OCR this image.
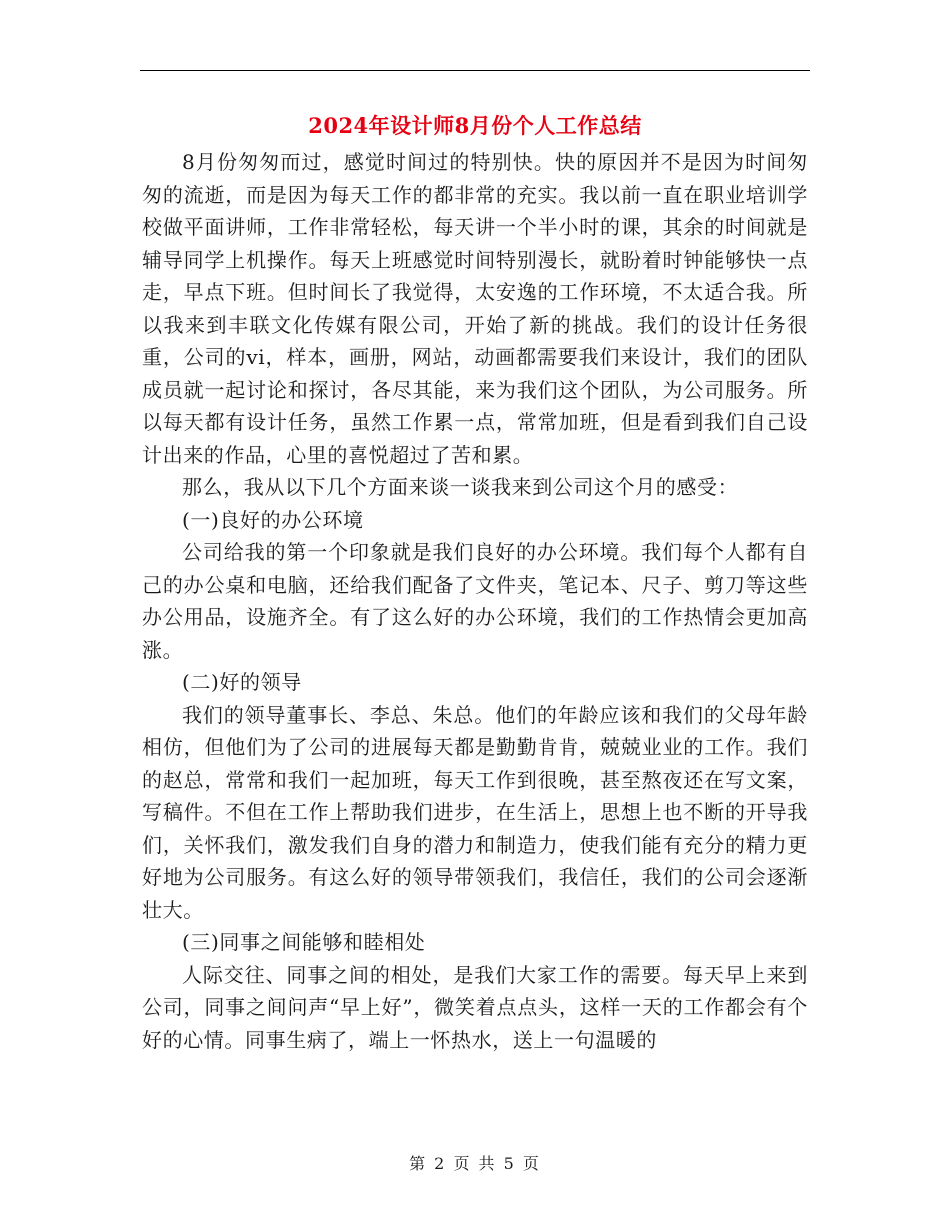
2024年设计师8月份个人工作总结

8月份匆匆而过，感觉时间过的特别快。快的原因并不是因为时间匆匆的流逝，而是因为每天工作的都非常的充实。我以前一直在职业培训学校做平面讲师，工作非常轻松，每天讲一个半小时的课，其余的时间就是辅导同学上机操作。每天上班感觉时间特别漫长，就盼着时钟能够快一点走，早点下班。但时间长了我觉得，太安逸的工作环境，不太适合我。所以我来到丰联文化传媒有限公司，开始了新的挑战。我们的设计任务很重，公司的vi，样本，画册，网站，动画都需要我们来设计，我们的团队成员就一起讨论和探讨，各尽其能，来为我们这个团队，为公司服务。所以每天都有设计任务，虽然工作累一点，常常加班，但是看到我们自己设计出来的作品，心里的喜悦超过了苦和累。

那么，我从以下几个方面来谈一谈我来到公司这个月的感受：

(一)良好的办公环境

公司给我的第一个印象就是我们良好的办公环境。我们每个人都有自己的办公桌和电脑，还给我们配备了文件夹，笔记本、尺子、剪刀等这些办公用品，设施齐全。有了这么好的办公环境，我们的工作热情会更加高涨。

(二)好的领导

我们的领导董事长、李总、朱总。他们的年龄应该和我们的父母年龄相仿，但他们为了公司的进展每天都是勤勤肯肯，兢兢业业的工作。我们的赵总，常常和我们一起加班，每天工作到很晚，甚至熬夜还在写文案，写稿件。不但在工作上帮助我们进步，在生活上，思想上也不断的开导我们，关怀我们，激发我们自身的潜力和制造力，使我们能有充分的精力更好地为公司服务。有这么好的领导带领我们，我信任，我们的公司会逐渐壮大。

(三)同事之间能够和睦相处

人际交往、同事之间的相处，是我们大家工作的需要。每天早上来到公司，同事之间问声“早上好”，微笑着点点头，这样一天的工作都会有个好的心情。同事生病了，端上一怀热水，送上一句温暖的

第 2 页 共 5 页
